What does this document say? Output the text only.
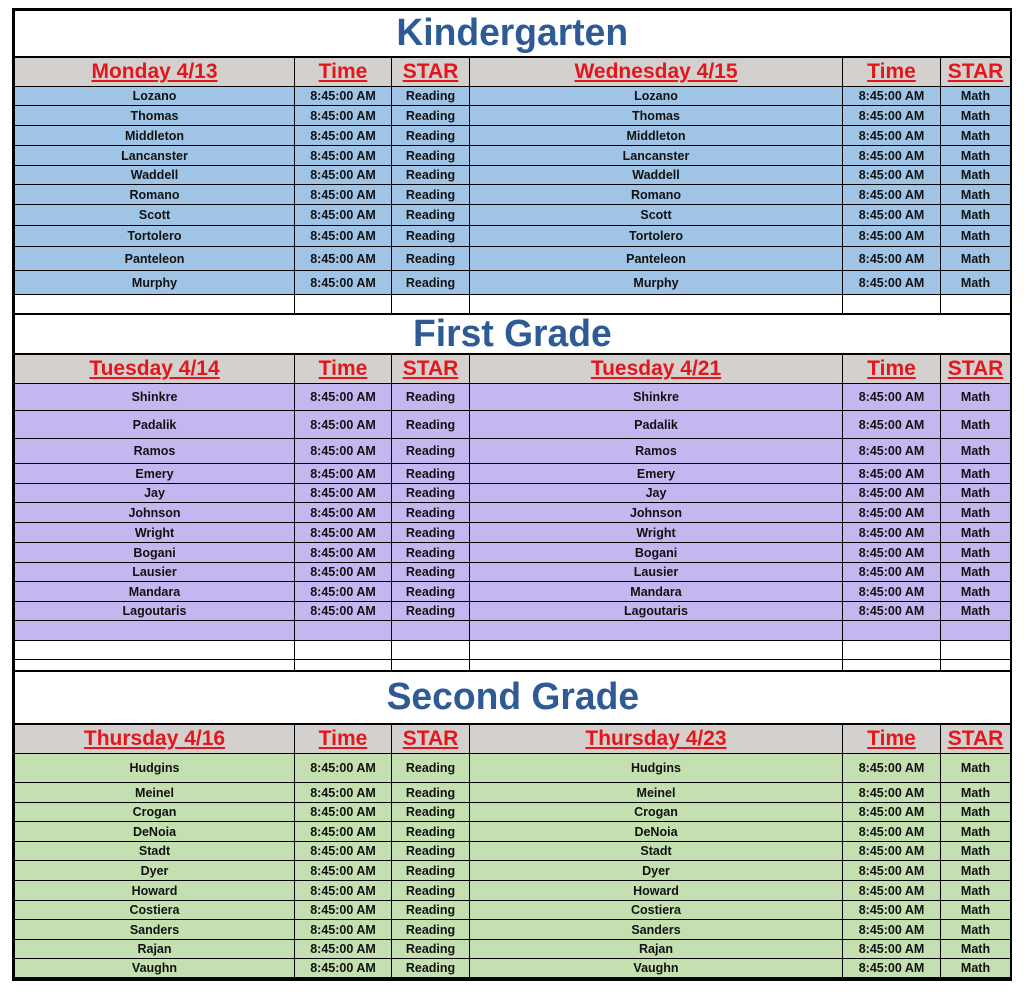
Kindergarten					
Monday 4/13	Time	STAR	Wednesday 4/15	Time	STAR
Lozano	8:45:00 AM	Reading	Lozano	8:45:00 AM	Math
Thomas	8:45:00 AM	Reading	Thomas	8:45:00 AM	Math
Middleton	8:45:00 AM	Reading	Middleton	8:45:00 AM	Math
Lancanster	8:45:00 AM	Reading	Lancanster	8:45:00 AM	Math
Waddell	8:45:00 AM	Reading	Waddell	8:45:00 AM	Math
Romano	8:45:00 AM	Reading	Romano	8:45:00 AM	Math
Scott	8:45:00 AM	Reading	Scott	8:45:00 AM	Math
Tortolero	8:45:00 AM	Reading	Tortolero	8:45:00 AM	Math
Panteleon	8:45:00 AM	Reading	Panteleon	8:45:00 AM	Math
Murphy	8:45:00 AM	Reading	Murphy	8:45:00 AM	Math

First Grade					
Tuesday 4/14	Time	STAR	Tuesday 4/21	Time	STAR
Shinkre	8:45:00 AM	Reading	Shinkre	8:45:00 AM	Math
Padalik	8:45:00 AM	Reading	Padalik	8:45:00 AM	Math
Ramos	8:45:00 AM	Reading	Ramos	8:45:00 AM	Math
Emery	8:45:00 AM	Reading	Emery	8:45:00 AM	Math
Jay	8:45:00 AM	Reading	Jay	8:45:00 AM	Math
Johnson	8:45:00 AM	Reading	Johnson	8:45:00 AM	Math
Wright	8:45:00 AM	Reading	Wright	8:45:00 AM	Math
Bogani	8:45:00 AM	Reading	Bogani	8:45:00 AM	Math
Lausier	8:45:00 AM	Reading	Lausier	8:45:00 AM	Math
Mandara	8:45:00 AM	Reading	Mandara	8:45:00 AM	Math
Lagoutaris	8:45:00 AM	Reading	Lagoutaris	8:45:00 AM	Math

Second Grade					
Thursday 4/16	Time	STAR	Thursday 4/23	Time	STAR
Hudgins	8:45:00 AM	Reading	Hudgins	8:45:00 AM	Math
Meinel	8:45:00 AM	Reading	Meinel	8:45:00 AM	Math
Crogan	8:45:00 AM	Reading	Crogan	8:45:00 AM	Math
DeNoia	8:45:00 AM	Reading	DeNoia	8:45:00 AM	Math
Stadt	8:45:00 AM	Reading	Stadt	8:45:00 AM	Math
Dyer	8:45:00 AM	Reading	Dyer	8:45:00 AM	Math
Howard	8:45:00 AM	Reading	Howard	8:45:00 AM	Math
Costiera	8:45:00 AM	Reading	Costiera	8:45:00 AM	Math
Sanders	8:45:00 AM	Reading	Sanders	8:45:00 AM	Math
Rajan	8:45:00 AM	Reading	Rajan	8:45:00 AM	Math
Vaughn	8:45:00 AM	Reading	Vaughn	8:45:00 AM	Math
